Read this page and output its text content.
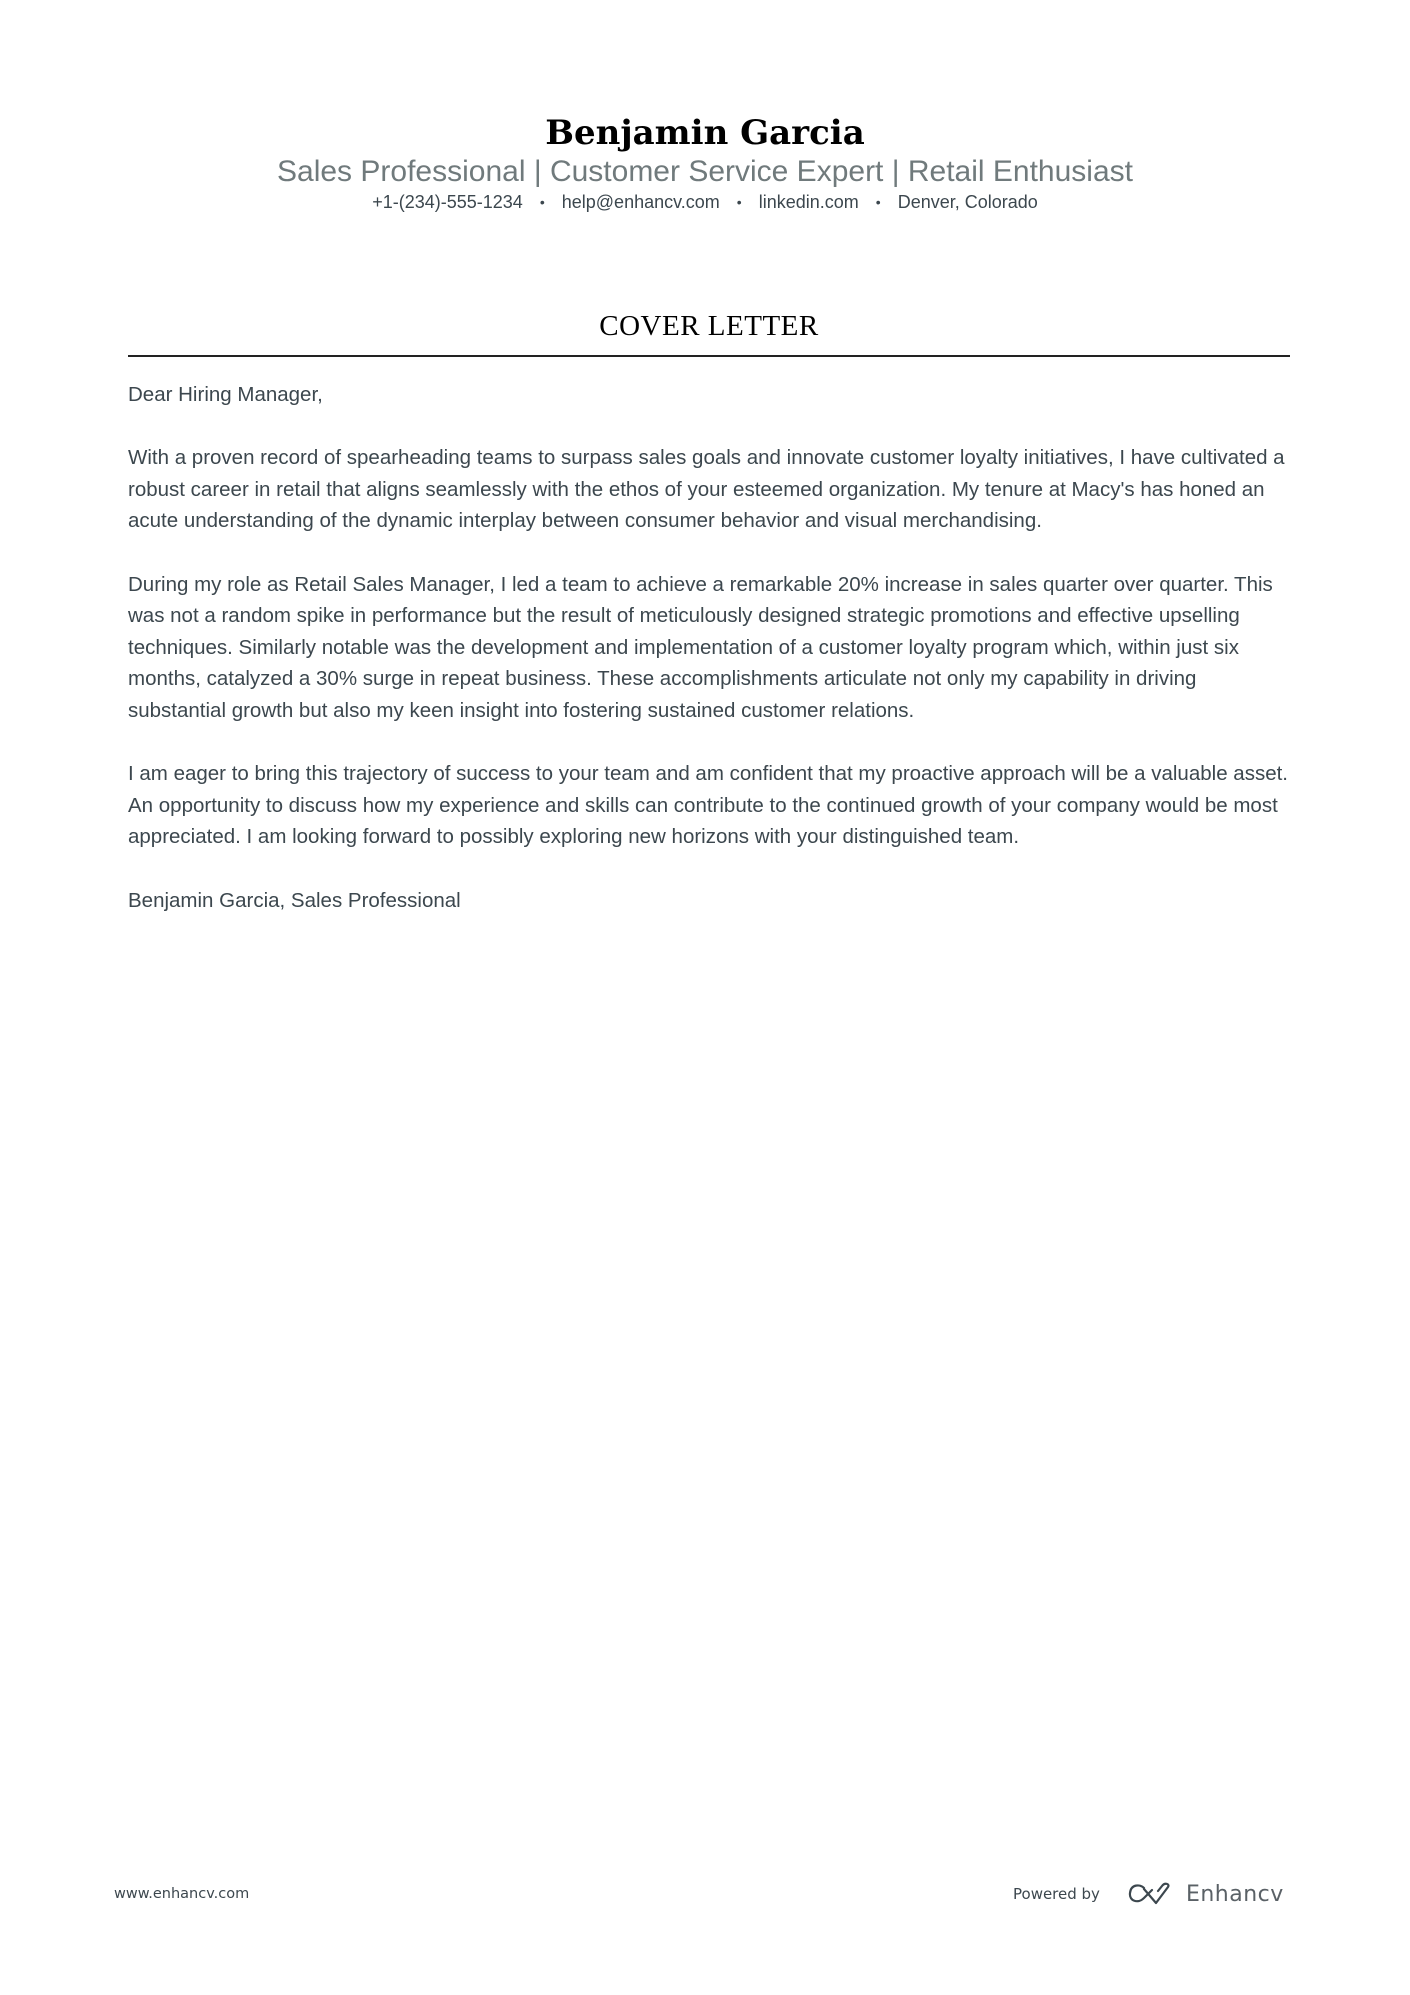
Benjamin Garcia
Sales Professional | Customer Service Expert | Retail Enthusiast
+1-(234)-555-1234 • help@enhancv.com • linkedin.com • Denver, Colorado
COVER LETTER

Dear Hiring Manager,

With a proven record of spearheading teams to surpass sales goals and innovate customer loyalty initiatives, I have cultivated a robust career in retail that aligns seamlessly with the ethos of your esteemed organization. My tenure at Macy's has honed an acute understanding of the dynamic interplay between consumer behavior and visual merchandising.

During my role as Retail Sales Manager, I led a team to achieve a remarkable 20% increase in sales quarter over quarter. This was not a random spike in performance but the result of meticulously designed strategic promotions and effective upselling techniques. Similarly notable was the development and implementation of a customer loyalty program which, within just six months, catalyzed a 30% surge in repeat business. These accomplishments articulate not only my capability in driving substantial growth but also my keen insight into fostering sustained customer relations.

I am eager to bring this trajectory of success to your team and am confident that my proactive approach will be a valuable asset. An opportunity to discuss how my experience and skills can contribute to the continued growth of your company would be most appreciated. I am looking forward to possibly exploring new horizons with your distinguished team.

Benjamin Garcia, Sales Professional

www.enhancv.com	Powered by	Enhancv
